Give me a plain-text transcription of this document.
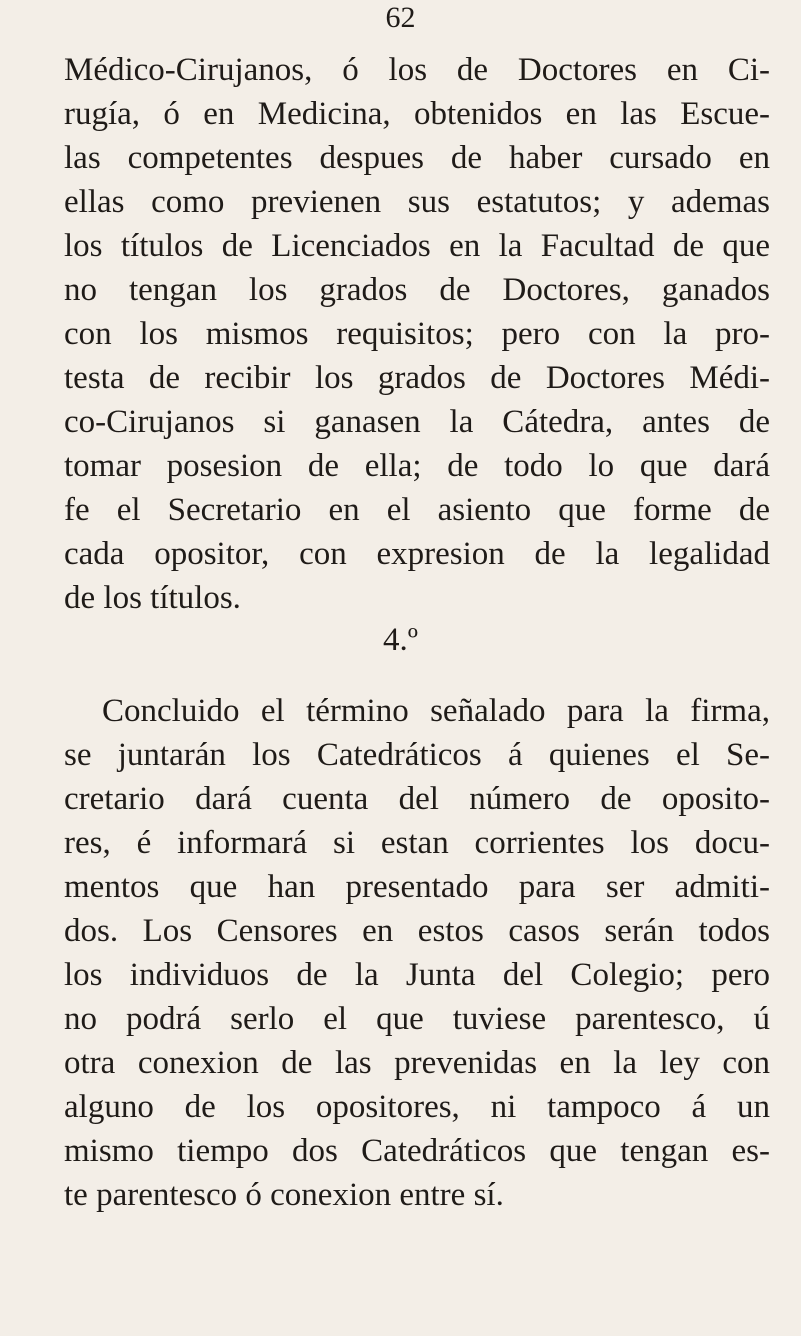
62
Médico-Cirujanos, ó los de Doctores en Ci-
rugía, ó en Medicina, obtenidos en las Escue-
las competentes despues de haber cursado en
ellas como previenen sus estatutos; y ademas
los títulos de Licenciados en la Facultad de que
no tengan los grados de Doctores, ganados
con los mismos requisitos; pero con la pro-
testa de recibir los grados de Doctores Médi-
co-Cirujanos si ganasen la Cátedra, antes de
tomar posesion de ella; de todo lo que dará
fe el Secretario en el asiento que forme de
cada opositor, con expresion de la legalidad
de los títulos.
4.º
Concluido el término señalado para la firma,
se juntarán los Catedráticos á quienes el Se-
cretario dará cuenta del número de oposito-
res, é informará si estan corrientes los docu-
mentos que han presentado para ser admiti-
dos. Los Censores en estos casos serán todos
los individuos de la Junta del Colegio; pero
no podrá serlo el que tuviese parentesco, ú
otra conexion de las prevenidas en la ley con
alguno de los opositores, ni tampoco á un
mismo tiempo dos Catedráticos que tengan es-
te parentesco ó conexion entre sí.
